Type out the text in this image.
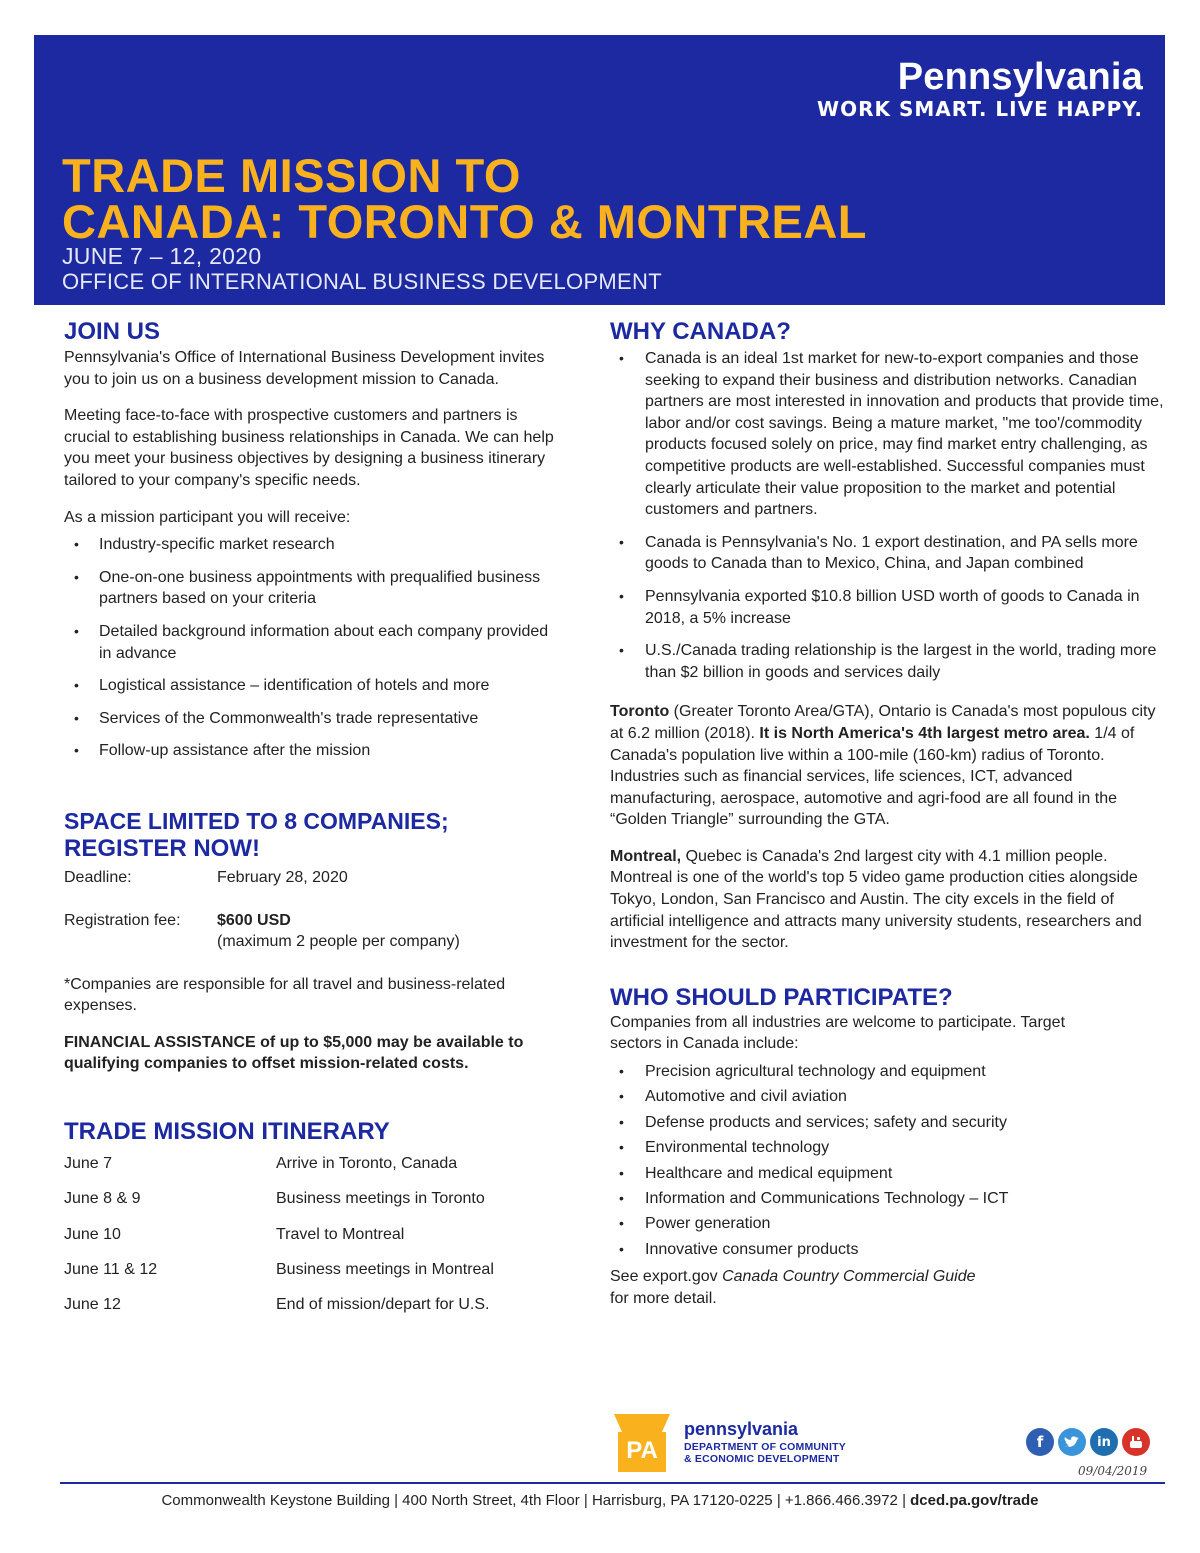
Pennsylvania
WORK SMART. LIVE HAPPY.
TRADE MISSION TO
CANADA: TORONTO & MONTREAL
JUNE 7 – 12, 2020
OFFICE OF INTERNATIONAL BUSINESS DEVELOPMENT
JOIN US

Pennsylvania's Office of International Business Development invites you to join us on a business development mission to Canada.

Meeting face-to-face with prospective customers and partners is crucial to establishing business relationships in Canada. We can help you meet your business objectives by designing a business itinerary tailored to your company's specific needs.

As a mission participant you will receive:

• Industry-specific market research
• One-on-one business appointments with prequalified business partners based on your criteria
• Detailed background information about each company provided in advance
• Logistical assistance – identification of hotels and more
• Services of the Commonwealth's trade representative
• Follow-up assistance after the mission
SPACE LIMITED TO 8 COMPANIES;
REGISTER NOW!
Deadline:	February 28, 2020
Registration fee:	$600 USD
(maximum 2 people per company)

*Companies are responsible for all travel and business-related expenses.

FINANCIAL ASSISTANCE of up to $5,000 may be available to qualifying companies to offset mission-related costs.

TRADE MISSION ITINERARY
June 7	Arrive in Toronto, Canada
June 8 & 9	Business meetings in Toronto
June 10	Travel to Montreal
June 11 & 12	Business meetings in Montreal
June 12	End of mission/depart for U.S.
WHY CANADA?
• Canada is an ideal 1st market for new-to-export companies and those seeking to expand their business and distribution networks. Canadian partners are most interested in innovation and products that provide time, labor and/or cost savings. Being a mature market, "me too'/commodity products focused solely on price, may find market entry challenging, as competitive products are well-established. Successful companies must clearly articulate their value proposition to the market and potential customers and partners.
• Canada is Pennsylvania's No. 1 export destination, and PA sells more goods to Canada than to Mexico, China, and Japan combined
• Pennsylvania exported $10.8 billion USD worth of goods to Canada in 2018, a 5% increase
• U.S./Canada trading relationship is the largest in the world, trading more than $2 billion in goods and services daily

Toronto (Greater Toronto Area/GTA), Ontario is Canada's most populous city at 6.2 million (2018). It is North America's 4th largest metro area. 1/4 of Canada's population live within a 100-mile (160-km) radius of Toronto. Industries such as financial services, life sciences, ICT, advanced manufacturing, aerospace, automotive and agri-food are all found in the “Golden Triangle” surrounding the GTA.

Montreal, Quebec is Canada's 2nd largest city with 4.1 million people. Montreal is one of the world's top 5 video game production cities alongside Tokyo, London, San Francisco and Austin. The city excels in the field of artificial intelligence and attracts many university students, researchers and investment for the sector.

WHO SHOULD PARTICIPATE?

Companies from all industries are welcome to participate. Target sectors in Canada include:

• Precision agricultural technology and equipment
• Automotive and civil aviation
• Defense products and services; safety and security
• Environmental technology
• Healthcare and medical equipment
• Information and Communications Technology – ICT
• Power generation
• Innovative consumer products

See export.gov Canada Country Commercial Guide
for more detail.

PA
pennsylvania
DEPARTMENT OF COMMUNITY
& ECONOMIC DEVELOPMENT
f	in
09/04/2019
Commonwealth Keystone Building | 400 North Street, 4th Floor | Harrisburg, PA 17120-0225 | +1.866.466.3972 | dced.pa.gov/trade
